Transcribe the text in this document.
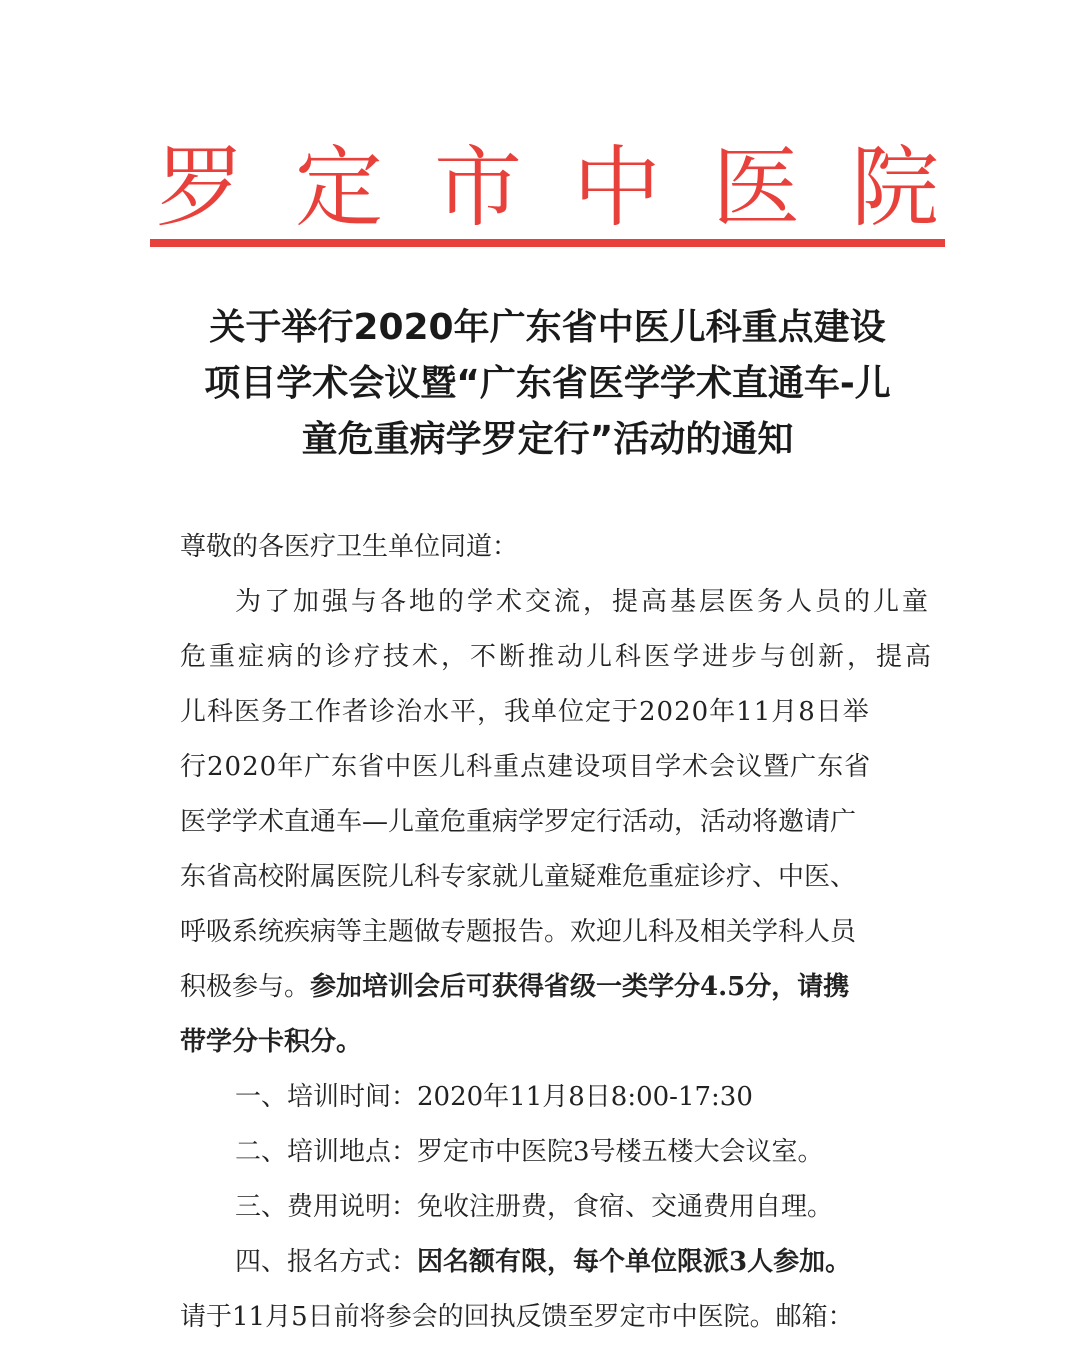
罗 定 市 中 医 院
关于举行2020年广东省中医儿科重点建设
项目学术会议暨“广东省医学学术直通车-儿
童危重病学罗定行”活动的通知
尊敬的各医疗卫生单位同道：
为了加强与各地的学术交流，提高基层医务人员的儿童
危重症病的诊疗技术，不断推动儿科医学进步与创新，提高
儿科医务工作者诊治水平，我单位定于2020年11月8日举
行2020年广东省中医儿科重点建设项目学术会议暨广东省
医学学术直通车—儿童危重病学罗定行活动，活动将邀请广
东省高校附属医院儿科专家就儿童疑难危重症诊疗、中医、
呼吸系统疾病等主题做专题报告。欢迎儿科及相关学科人员
积极参与。参加培训会后可获得省级一类学分4.5分，请携
带学分卡积分。
一、培训时间：2020年11月8日8:00-17:30
二、培训地点：罗定市中医院3号楼五楼大会议室。
三、费用说明：免收注册费，食宿、交通费用自理。
四、报名方式：因名额有限，每个单位限派3人参加。
请于11月5日前将参会的回执反馈至罗定市中医院。邮箱：
